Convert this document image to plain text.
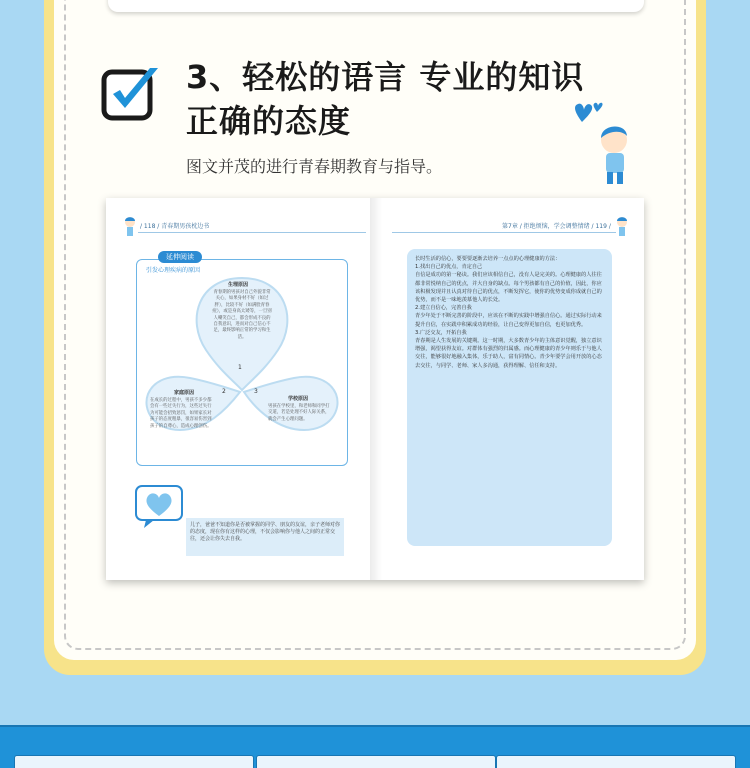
3、轻松的语言 专业的知识
正确的态度
图文并茂的进行青春期教育与指导。
/ 118 / 青春期男孩枕边书	第7章 / 拒绝烦恼，学会调整情绪 / 119 /
延伸阅读
引发心理疾病的原因
生理原因
青春期的男孩对自己外貌非常关心，如果身材不好（如过胖），比较不好（如满脸青春痘），或是身高太矮等，一旦别人嘲笑自己，都会形成不良的自我意识，进而对自己信心不足，最终影响正常的学习和生活。
1
2	3
家庭原因
在成长的过程中，男孩不多少都会有一些过失行为，这些过失行为可能会招致惩罚，如果家长对孩子的态度粗暴，很容易伤害到孩子的自尊心，造成心理创伤。
学校原因
男孩在学校里，和老师和同学打交道，若是处理不好人际关系，就会产生心理问题。
儿子，爸爸不知道你是否被掌握的同学、朋友的友谊，亲子老师对你的态度，现在你有这样的心理，不仅会影响你与他人之间的正常交往，还会让你失去自我。

长时生活的信心，要要要逐渐去培养一点点的心理健康的方法：

1.找出自己的优点，肯定自己

自信是成功的第一秘诀。我们应该相信自己，没有人是完美的。心理健康的人往往都非常悦纳自己的优点，并大自身的缺点。每个男孩都有自己的价值，因此，你应该积极发现并且认真对待自己的优点，不断发挥它，使你的优势变成你成就自己的优势，而不是一味地羡慕他人的长处。

2.建立自信心，完善自我

青少年处于不断完善的阶段中，应该在不断的实践中增强自信心。通过实际行动来提升自信，在实践中积累成功的经验，让自己变得更加自信，也更加优秀。

3.广泛交友，开拓自我

青春期是人生发展的关键期。这一时期，大多数青少年的主体意识觉醒，独立意识增强，渴望获得友谊。对群体有强烈的归属感。而心理健康的青少年则乐于与他人交往，能够很好地融入集体，乐于助人，富有同情心。青少年要学会用开放的心态去交往，与同学、老师、家人多沟通，获得理解、信任和支持。
